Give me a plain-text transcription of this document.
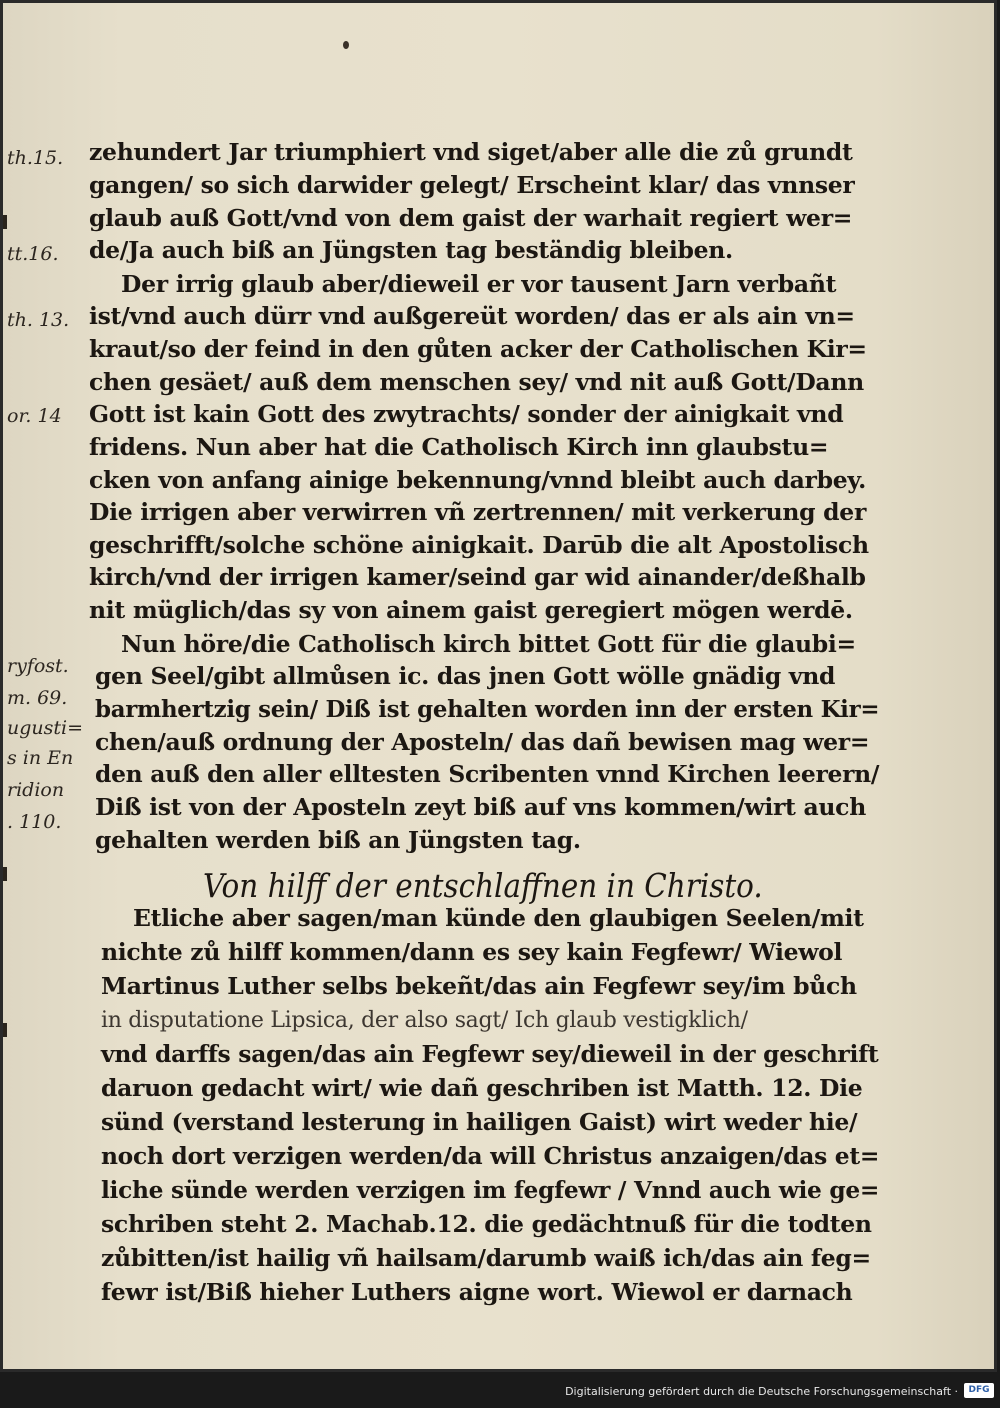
th.15.
tt.16.
th. 13.
or. 14
ryfost.
m. 69.
ugusti=
s in En
ridion
. 110.
zehundert Jar triumphiert vnd siget/aber alle die zů grundt
gangen/ so sich darwider gelegt/ Erscheint klar/ das vnnser
glaub auß Gott/vnd von dem gaist der warhait regiert wer=
de/Ja auch biß an Jüngsten tag beständig bleiben.
Der irrig glaub aber/dieweil er vor tausent Jarn verbañt
ist/vnd auch dürr vnd außgereüt worden/ das er als ain vn=
kraut/so der feind in den gůten acker der Catholischen Kir=
chen gesäet/ auß dem menschen sey/ vnd nit auß Gott/Dann
Gott ist kain Gott des zwytrachts/ sonder der ainigkait vnd
fridens. Nun aber hat die Catholisch Kirch inn glaubstu=
cken von anfang ainige bekennung/vnnd bleibt auch darbey.
Die irrigen aber verwirren vñ zertrennen/ mit verkerung der
geschrifft/solche schöne ainigkait. Darūb die alt Apostolisch
kirch/vnd der irrigen kamer/seind gar wid ainander/deßhalb
nit müglich/das sy von ainem gaist geregiert mögen werdē.
Nun höre/die Catholisch kirch bittet Gott für die glaubi=
gen Seel/gibt allmůsen ic. das jnen Gott wölle gnädig vnd
barmhertzig sein/ Diß ist gehalten worden inn der ersten Kir=
chen/auß ordnung der Aposteln/ das dañ bewisen mag wer=
den auß den aller elltesten Scribenten vnnd Kirchen leerern/
Diß ist von der Aposteln zeyt biß auf vns kommen/wirt auch
gehalten werden biß an Jüngsten tag.
Etliche aber sagen/man künde den glaubigen Seelen/mit
nichte zů hilff kommen/dann es sey kain Fegfewr/ Wiewol
Martinus Luther selbs bekeñt/das ain Fegfewr sey/im bůch
in disputatione Lipsica, der also sagt/ Ich glaub vestigklich/
vnd darffs sagen/das ain Fegfewr sey/dieweil in der geschrift
daruon gedacht wirt/ wie dañ geschriben ist Matth. 12. Die
sünd (verstand lesterung in hailigen Gaist) wirt weder hie/
noch dort verzigen werden/da will Christus anzaigen/das et=
liche sünde werden verzigen im fegfewr / Vnnd auch wie ge=
schriben steht 2. Machab.12. die gedächtnuß für die todten
zůbitten/ist hailig vñ hailsam/darumb waiß ich/das ain feg=
fewr ist/Biß hieher Luthers aigne wort. Wiewol er darnach
Von hilff der entschlaffnen in Christo.
Digitalisierung gefördert durch die Deutsche Forschungsgemeinschaft ·	DFG
